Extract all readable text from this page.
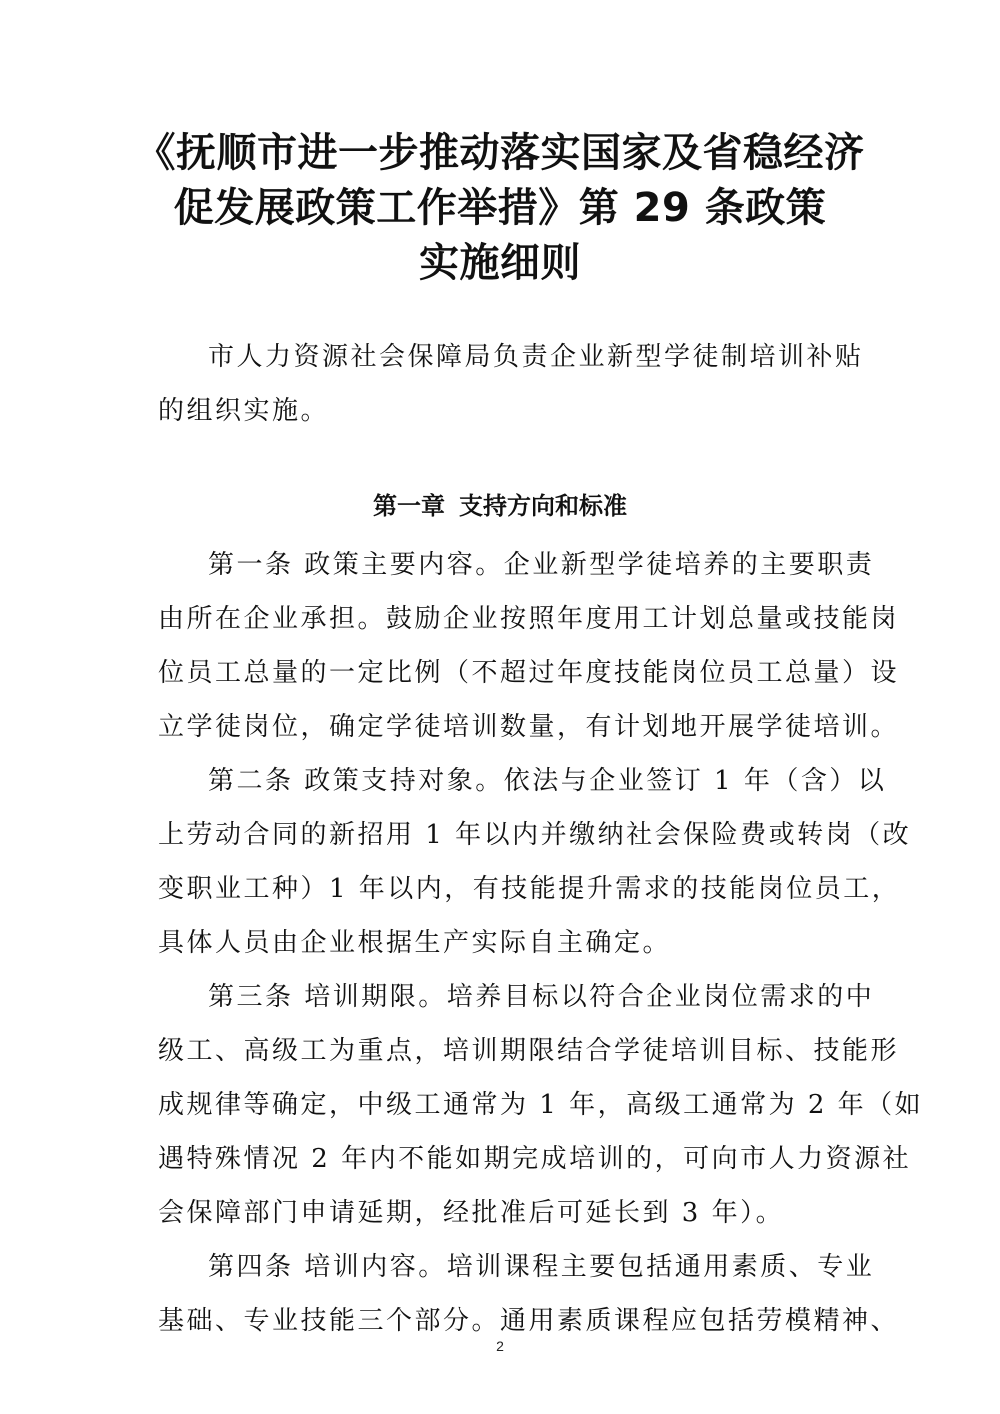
《抚顺市进一步推动落实国家及省稳经济
促发展政策工作举措》第 29 条政策
实施细则
市人力资源社会保障局负责企业新型学徒制培训补贴
的组织实施。
第一章 支持方向和标准
第一条 政策主要内容。企业新型学徒培养的主要职责
由所在企业承担。鼓励企业按照年度用工计划总量或技能岗
位员工总量的一定比例（不超过年度技能岗位员工总量）设
立学徒岗位，确定学徒培训数量，有计划地开展学徒培训。
第二条 政策支持对象。依法与企业签订 1 年（含）以
上劳动合同的新招用 1 年以内并缴纳社会保险费或转岗（改
变职业工种）1 年以内，有技能提升需求的技能岗位员工，
具体人员由企业根据生产实际自主确定。
第三条 培训期限。培养目标以符合企业岗位需求的中
级工、高级工为重点，培训期限结合学徒培训目标、技能形
成规律等确定，中级工通常为 1 年，高级工通常为 2 年（如
遇特殊情况 2 年内不能如期完成培训的，可向市人力资源社
会保障部门申请延期，经批准后可延长到 3 年）。
第四条 培训内容。培训课程主要包括通用素质、专业
基础、专业技能三个部分。通用素质课程应包括劳模精神、
2
